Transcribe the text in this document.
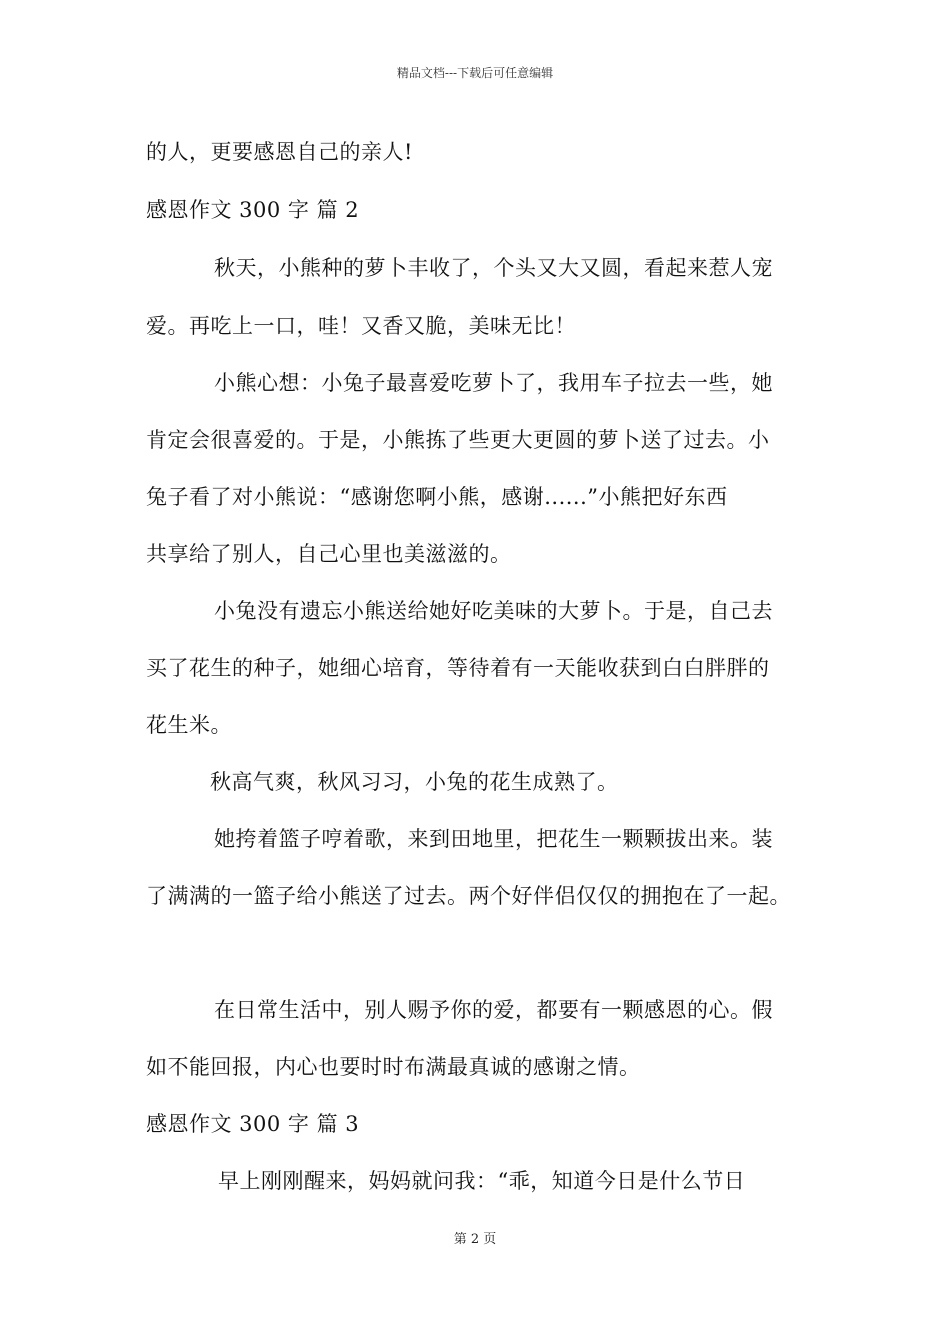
精品文档---下载后可任意编辑
的人，更要感恩自己的亲人!
感恩作文 300 字 篇 2
秋天，小熊种的萝卜丰收了，个头又大又圆，看起来惹人宠
爱。再吃上一口，哇！又香又脆，美味无比！
小熊心想：小兔子最喜爱吃萝卜了，我用车子拉去一些，她
肯定会很喜爱的。于是，小熊拣了些更大更圆的萝卜送了过去。小
兔子看了对小熊说：“感谢您啊小熊，感谢......”小熊把好东西
共享给了别人，自己心里也美滋滋的。
小兔没有遗忘小熊送给她好吃美味的大萝卜。于是，自己去
买了花生的种子，她细心培育，等待着有一天能收获到白白胖胖的
花生米。
秋高气爽，秋风习习，小兔的花生成熟了。
她挎着篮子哼着歌，来到田地里，把花生一颗颗拔出来。装
了满满的一篮子给小熊送了过去。两个好伴侣仅仅的拥抱在了一起。
在日常生活中，别人赐予你的爱，都要有一颗感恩的心。假
如不能回报，内心也要时时布满最真诚的感谢之情。
感恩作文 300 字 篇 3
早上刚刚醒来，妈妈就问我：“乖，知道今日是什么节日
第 2 页
